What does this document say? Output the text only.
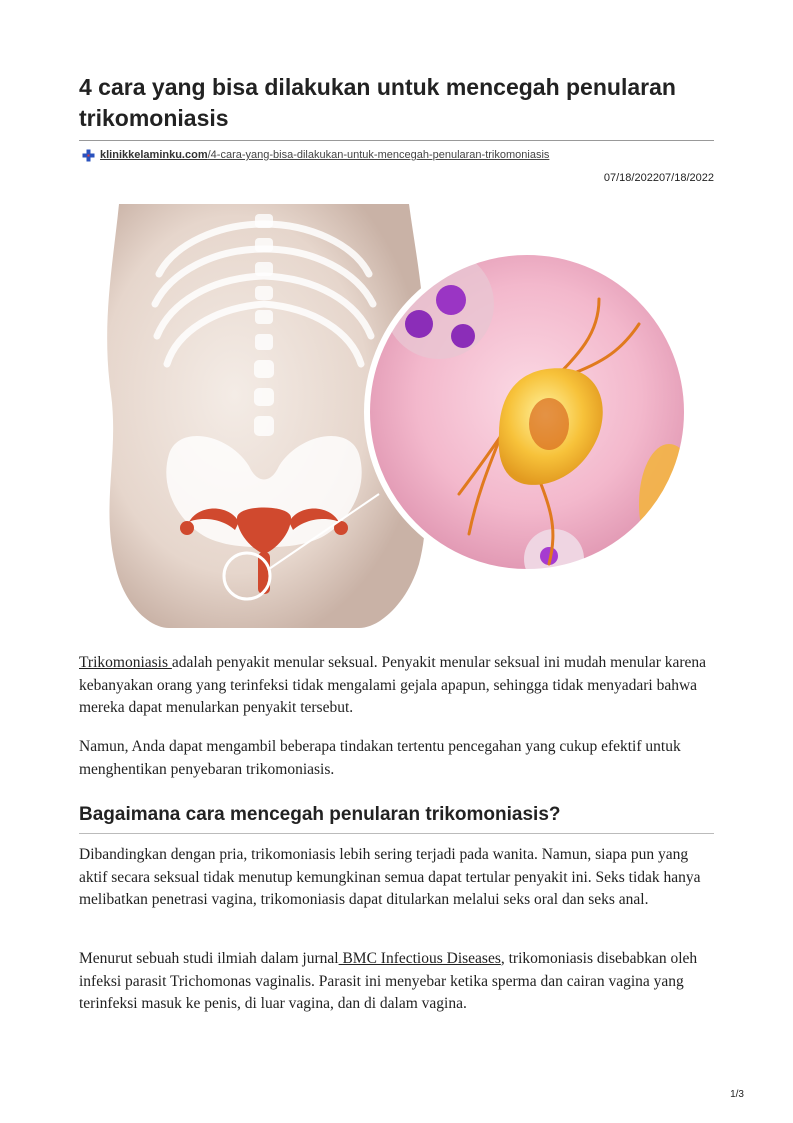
4 cara yang bisa dilakukan untuk mencegah penularan trikomoniasis
klinikkelaminku.com/4-cara-yang-bisa-dilakukan-untuk-mencegah-penularan-trikomoniasis
07/18/202207/18/2022

Trikomoniasis adalah penyakit menular seksual. Penyakit menular seksual ini mudah menular karena kebanyakan orang yang terinfeksi tidak mengalami gejala apapun, sehingga tidak menyadari bahwa mereka dapat menularkan penyakit tersebut.

Namun, Anda dapat mengambil beberapa tindakan tertentu pencegahan yang cukup efektif untuk menghentikan penyebaran trikomoniasis.

Bagaimana cara mencegah penularan trikomoniasis?

Dibandingkan dengan pria, trikomoniasis lebih sering terjadi pada wanita. Namun, siapa pun yang aktif secara seksual tidak menutup kemungkinan semua dapat tertular penyakit ini. Seks tidak hanya melibatkan penetrasi vagina, trikomoniasis dapat ditularkan melalui seks oral dan seks anal.

Menurut sebuah studi ilmiah dalam jurnal BMC Infectious Diseases, trikomoniasis disebabkan oleh infeksi parasit Trichomonas vaginalis. Parasit ini menyebar ketika sperma dan cairan vagina yang terinfeksi masuk ke penis, di luar vagina, dan di dalam vagina.

1/3
